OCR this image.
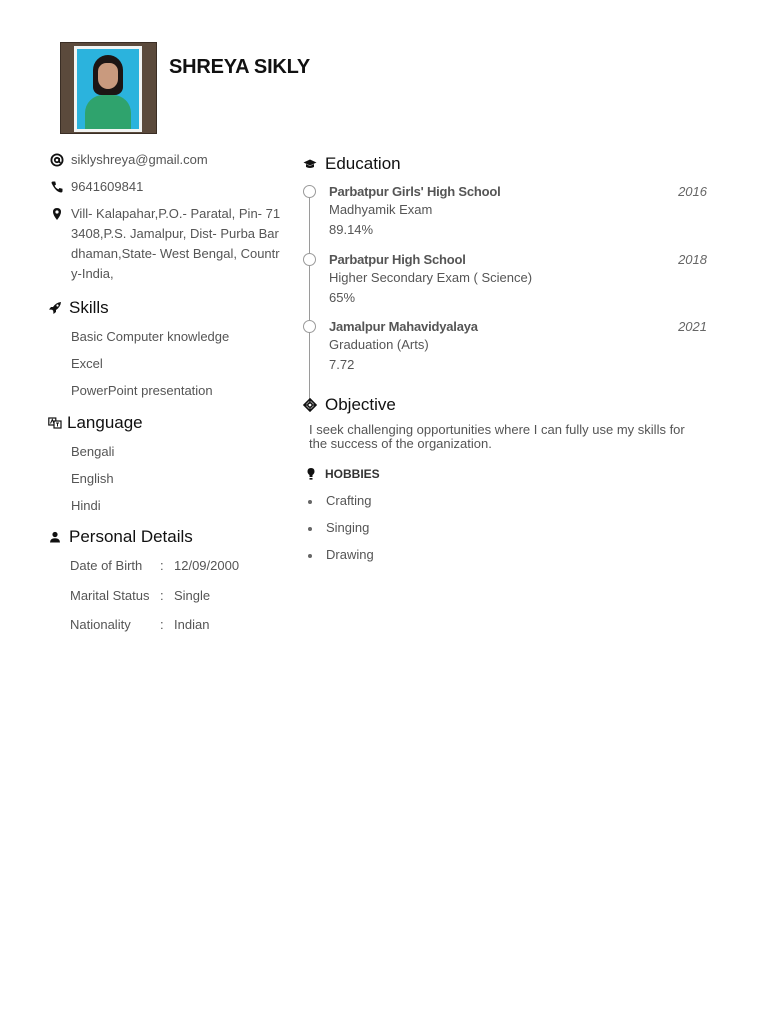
SHREYA SIKLY
siklyshreya@gmail.com
9641609841
Vill- Kalapahar,P.O.- Paratal, Pin- 713408,P.S. Jamalpur, Dist- Purba Bardhaman,State- West Bengal, Country-India,
Skills
Basic Computer knowledge
Excel
PowerPoint presentation
Language
Bengali
English
Hindi
Personal Details
Date of Birth	: 12/09/2000
Marital Status : Single
Nationality	: Indian
Education
Parbatpur Girls' High School	2016
Madhyamik Exam
89.14%
Parbatpur High School	2018
Higher Secondary Exam ( Science)
65%
Jamalpur Mahavidyalaya	2021
Graduation (Arts)
7.72
Objective
I seek challenging opportunities where I can fully use my skills for the success of the organization.
HOBBIES
Crafting
Singing
Drawing
